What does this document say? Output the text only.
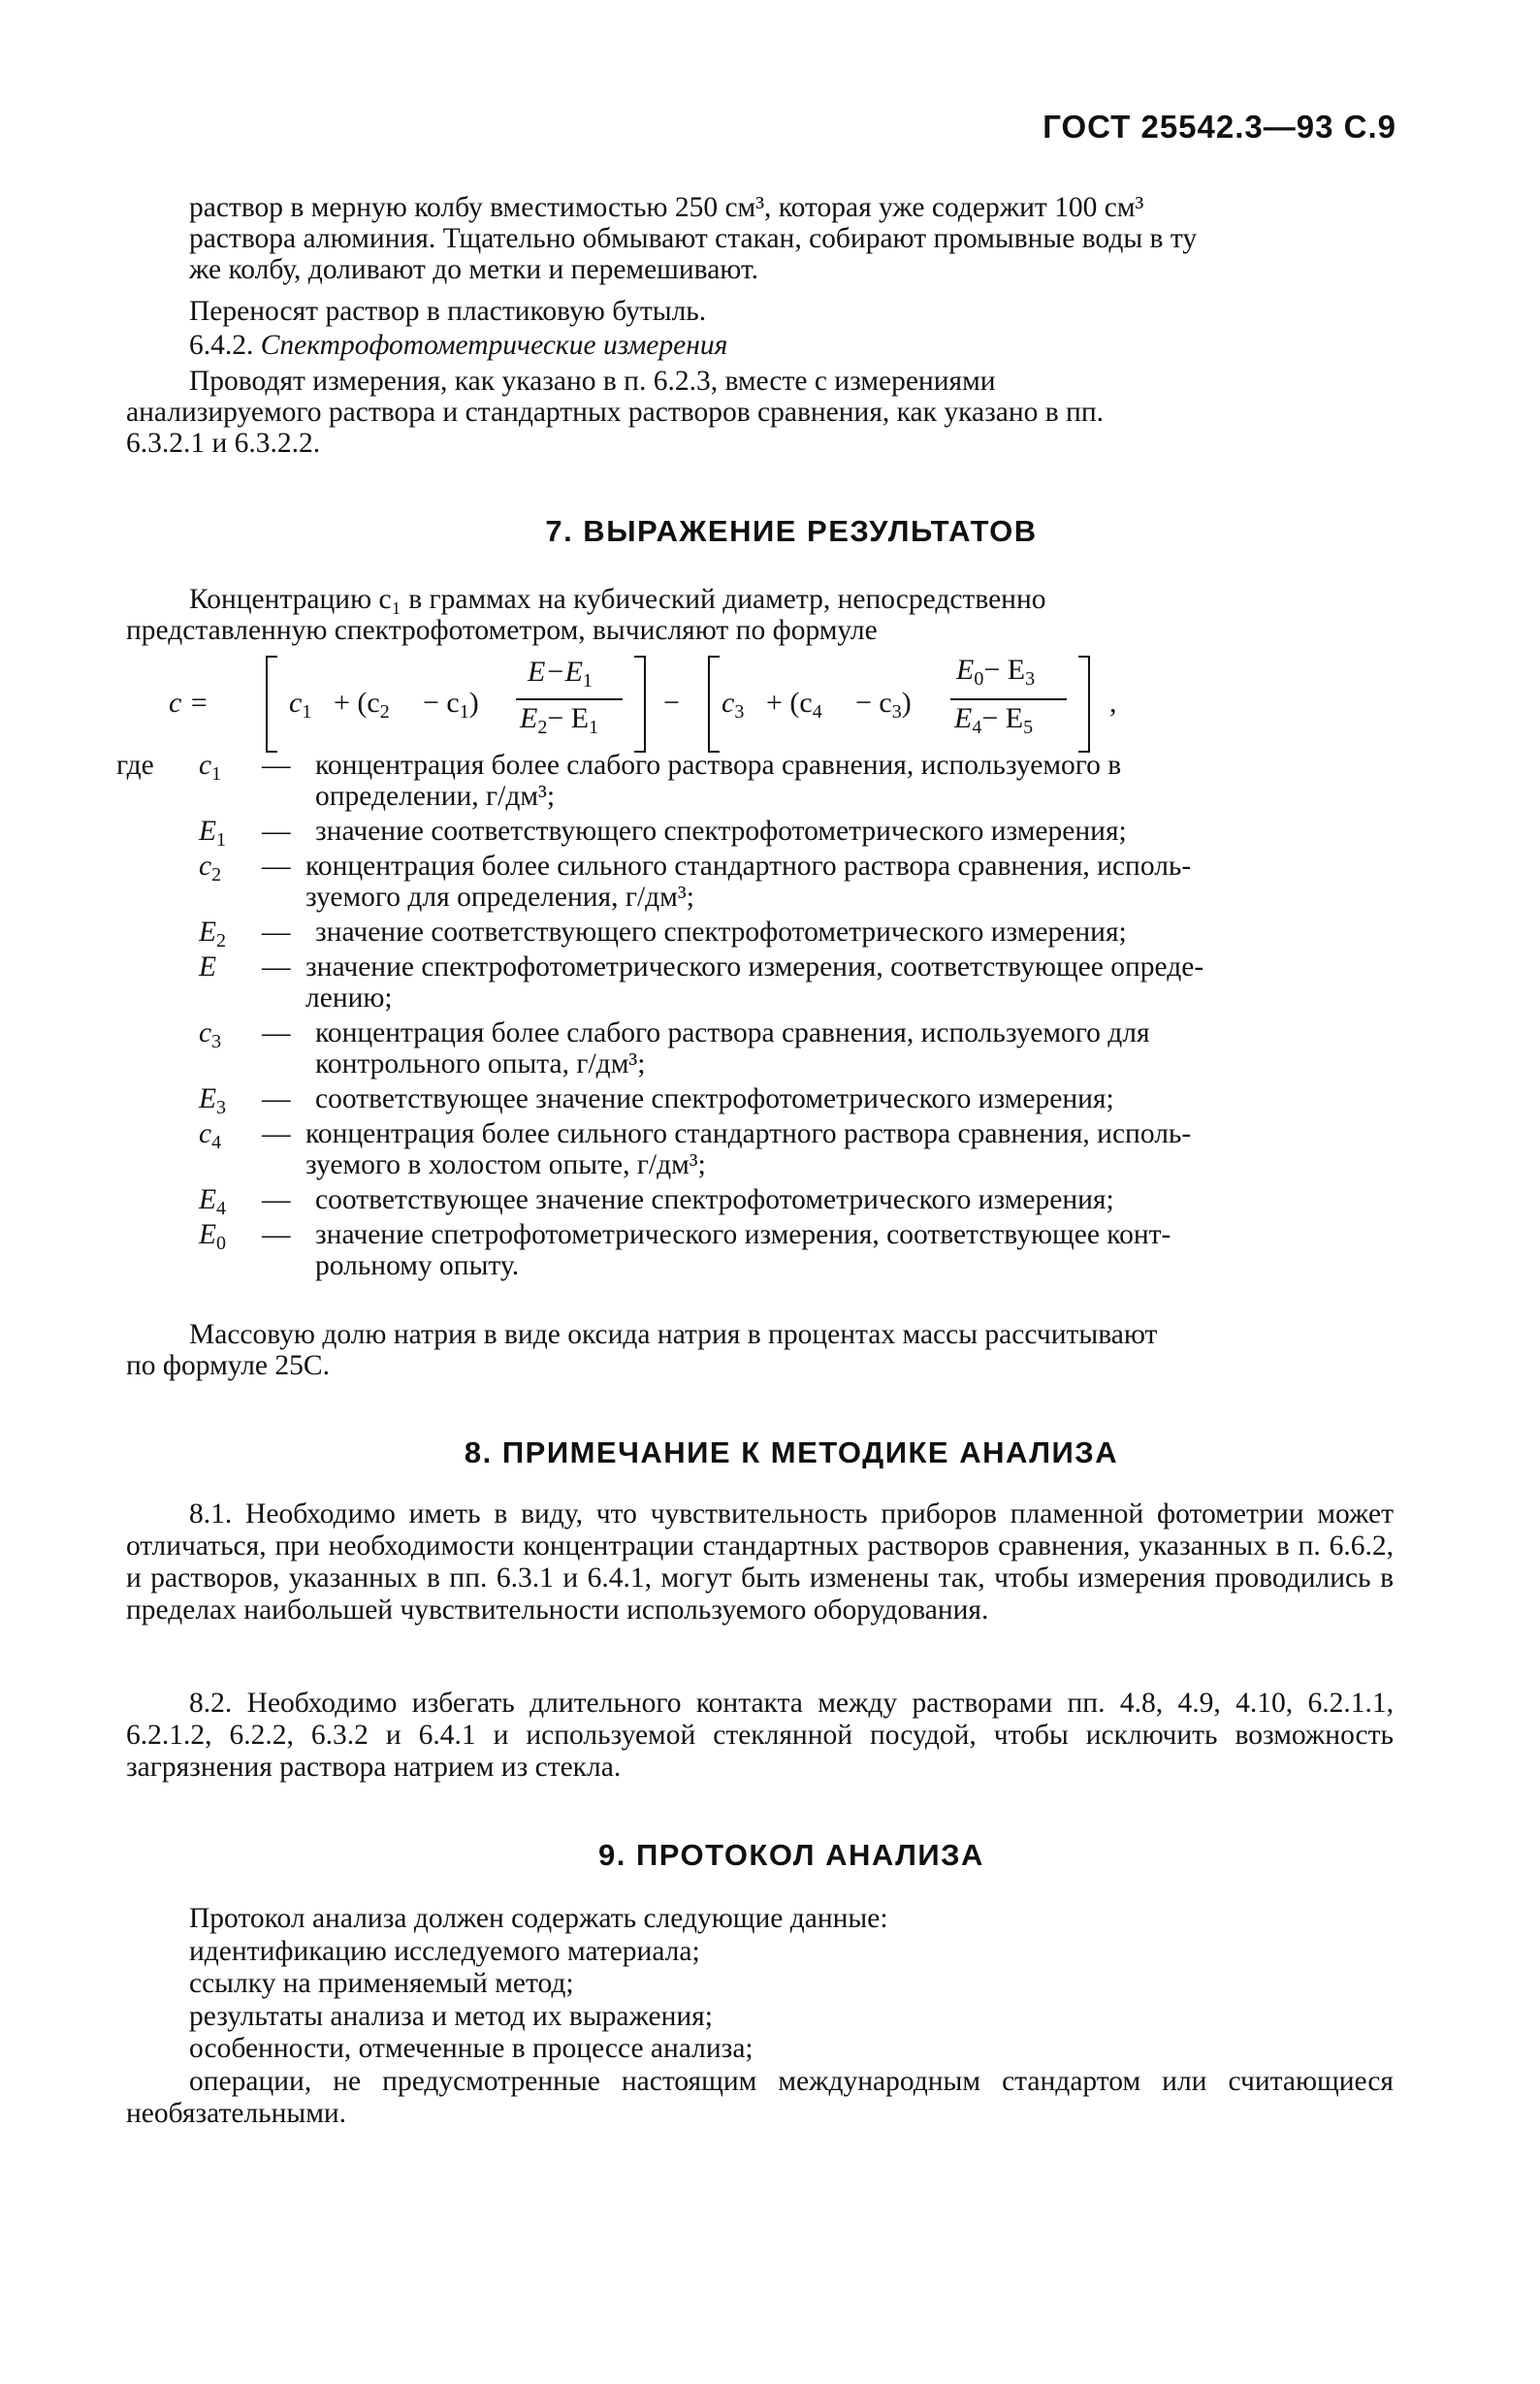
ГОСТ 25542.3—93 С.9
раствор в мерную колбу вместимостью 250 см³, которая уже содержит 100 см³
раствора алюминия. Тщательно обмывают стакан, собирают промывные воды в ту
же колбу, доливают до метки и перемешивают.
Переносят раствор в пластиковую бутыль.
6.4.2. Спектрофотометрические измерения
Проводят измерения, как указано в п. 6.2.3, вместе с измерениями
анализируемого раствора и стандартных растворов сравнения, как указано в пп.
6.3.2.1 и 6.3.2.2.
7. ВЫРАЖЕНИЕ РЕЗУЛЬТАТОВ
Концентрацию c₁ в граммах на кубический диаметр, непосредственно
представленную спектрофотометром, вычисляют по формуле
c =	$c_1 + (c_2 - c_1)$
$E-E_1$
$E_2- E_1$
− $c_3 + (c_4 - c_3)$
$E_0- E_3$
$E_4- E_5$
,
где $c_1$ — концентрация более слабого раствора сравнения, используемого в
определении, г/дм³;
$E_1$ — значение соответствующего спектрофотометрического измерения;
$c_2$ — концентрация более сильного стандартного раствора сравнения, исполь-
зуемого для определения, г/дм³;
$E_2$ — значение соответствующего спектрофотометрического измерения;
E — значение спектрофотометрического измерения, соответствующее опреде-
лению;
$c_3$ — концентрация более слабого раствора сравнения, используемого для
контрольного опыта, г/дм³;
$E_3$ — соответствующее значение спектрофотометрического измерения;
$c_4$ — концентрация более сильного стандартного раствора сравнения, исполь-
зуемого в холостом опыте, г/дм³;
$E_4$ — соответствующее значение спектрофотометрического измерения;
$E_0$ — значение спетрофотометрического измерения, соответствующее конт-
рольному опыту.
Массовую долю натрия в виде оксида натрия в процентах массы рассчитывают
по формуле 25С.
8. ПРИМЕЧАНИЕ К МЕТОДИКЕ АНАЛИЗА
8.1. Необходимо иметь в виду, что чувствительность приборов пламенной фотометрии может отличаться, при необходимости концентрации стандартных растворов сравнения, указанных в п. 6.6.2, и растворов, указанных в пп. 6.3.1 и 6.4.1, могут быть изменены так, чтобы измерения проводились в пределах наибольшей чувствительности используемого оборудования.
8.2. Необходимо избегать длительного контакта между растворами пп. 4.8, 4.9, 4.10, 6.2.1.1, 6.2.1.2, 6.2.2, 6.3.2 и 6.4.1 и используемой стеклянной посудой, чтобы исключить возможность загрязнения раствора натрием из стекла.
9. ПРОТОКОЛ АНАЛИЗА
Протокол анализа должен содержать следующие данные:
идентификацию исследуемого материала;
ссылку на применяемый метод;
результаты анализа и метод их выражения;
особенности, отмеченные в процессе анализа;
операции, не предусмотренные настоящим международным стандартом или считающиеся необязательными.
